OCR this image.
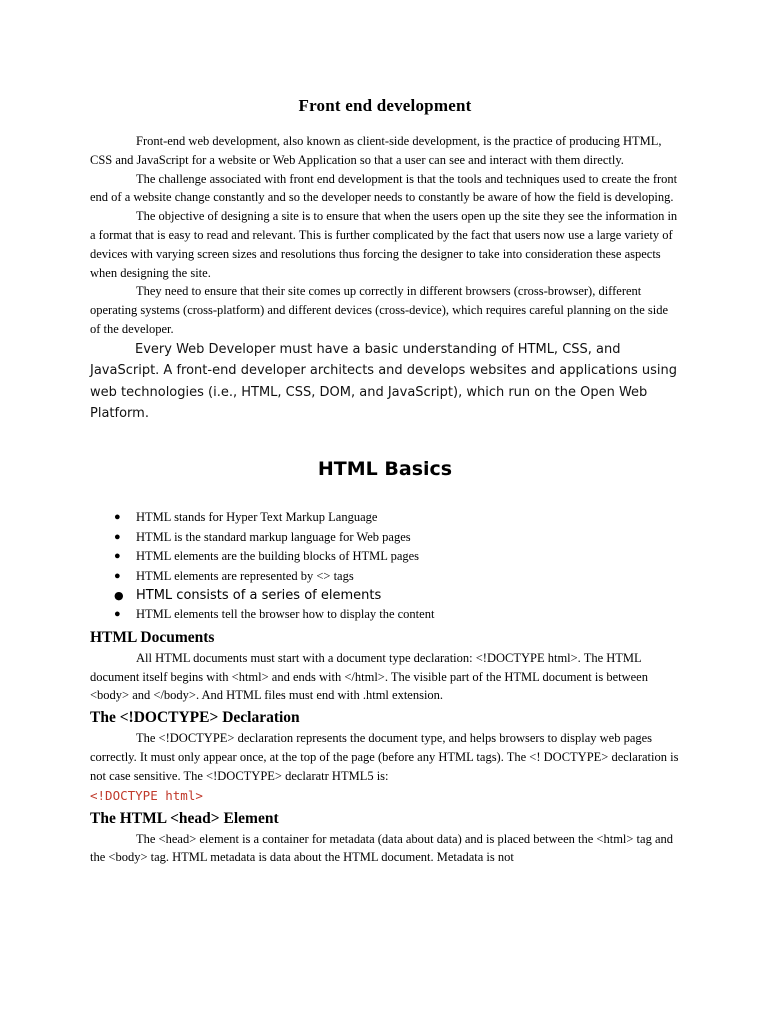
Front end development

Front-end web development, also known as client-side development, is the practice of producing HTML, CSS and JavaScript for a website or Web Application so that a user can see and interact with them directly.

The challenge associated with front end development is that the tools and techniques used to create the front end of a website change constantly and so the developer needs to constantly be aware of how the field is developing.

The objective of designing a site is to ensure that when the users open up the site they see the information in a format that is easy to read and relevant. This is further complicated by the fact that users now use a large variety of devices with varying screen sizes and resolutions thus forcing the designer to take into consideration these aspects when designing the site.

They need to ensure that their site comes up correctly in different browsers (cross-browser), different operating systems (cross-platform) and different devices (cross-device), which requires careful planning on the side of the developer.

Every Web Developer must have a basic understanding of HTML, CSS, and JavaScript. A front-end developer architects and develops websites and applications using web technologies (i.e., HTML, CSS, DOM, and JavaScript), which run on the Open Web Platform.

HTML Basics
● HTML stands for Hyper Text Markup Language
● HTML is the standard markup language for Web pages
● HTML elements are the building blocks of HTML pages
● HTML elements are represented by <> tags
● HTML consists of a series of elements
● HTML elements tell the browser how to display the content
HTML Documents

All HTML documents must start with a document type declaration: <!DOCTYPE html>. The HTML document itself begins with <html> and ends with </html>. The visible part of the HTML document is between <body> and </body>. And HTML files must end with .html extension.

The <!DOCTYPE> Declaration

The <!DOCTYPE> declaration represents the document type, and helps browsers to display web pages correctly. It must only appear once, at the top of the page (before any HTML tags). The <! DOCTYPE> declaration is not case sensitive. The <!DOCTYPE> declaratr HTML5 is:

<!DOCTYPE html>

The HTML <head> Element

The <head> element is a container for metadata (data about data) and is placed between the <html> tag and the <body> tag. HTML metadata is data about the HTML document. Metadata is not
